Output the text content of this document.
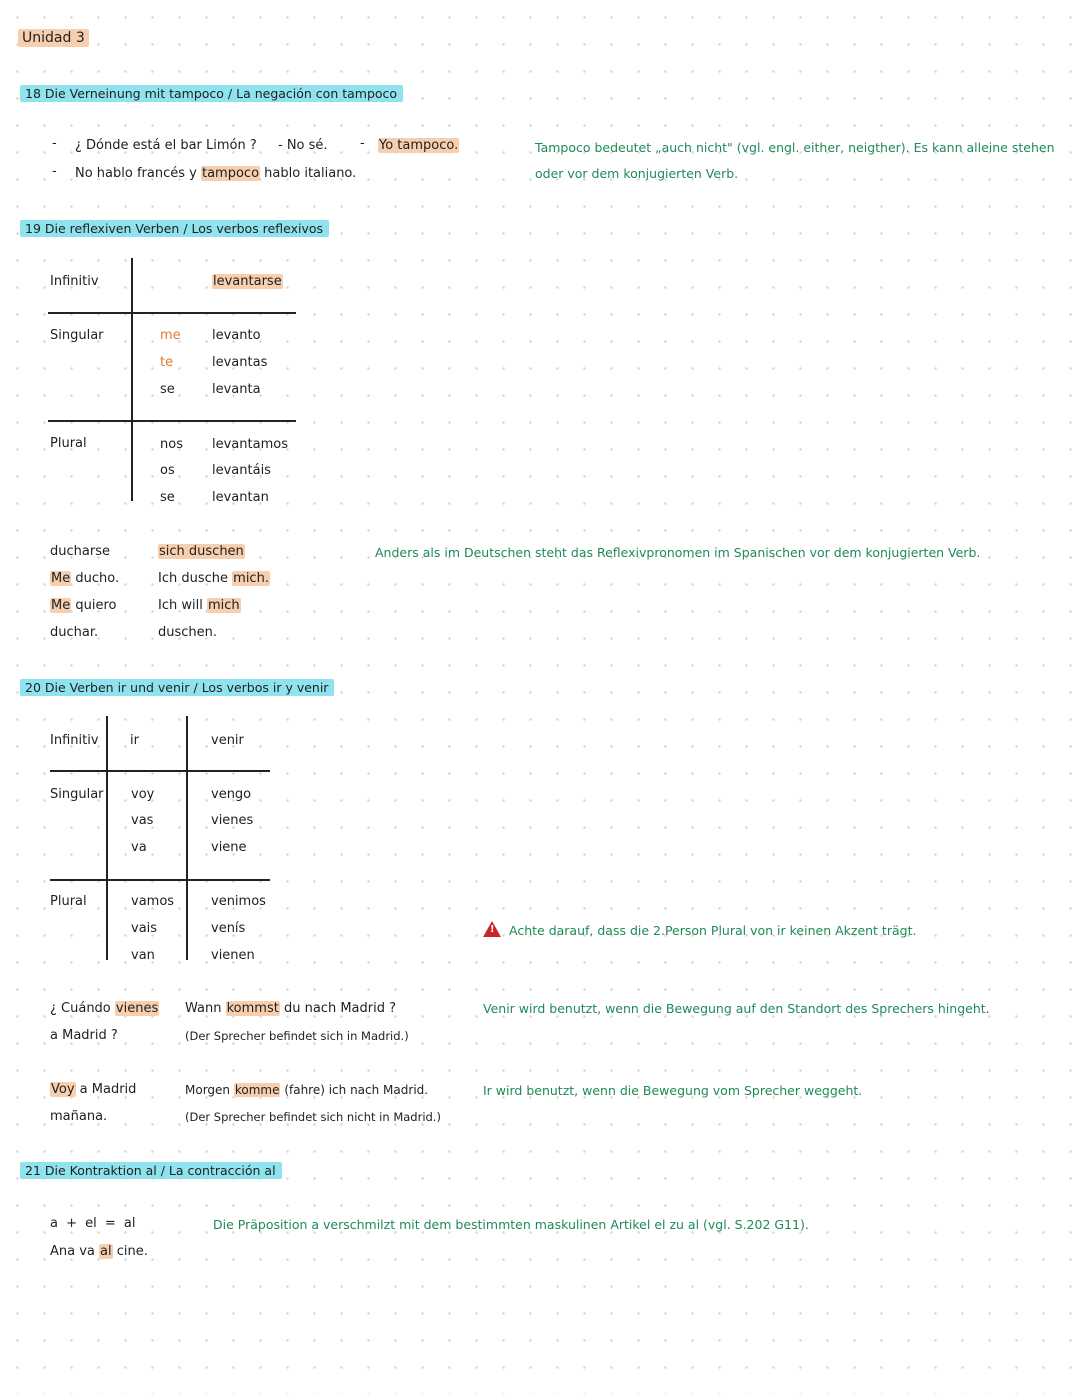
Unidad 3
18 Die Verneinung mit tampoco / La negación con tampoco
- ¿ Dónde está el bar Limón ? - No sé. - Yo tampoco.
- No hablo francés y tampoco hablo italiano.
Tampoco bedeutet „auch nicht" (vgl. engl. either, neigther). Es kann alleine stehen
oder vor dem konjugierten Verb.
19 Die reflexiven Verben / Los verbos reflexivos
Infinitiv	levantarse
Singular
Plural
me
te
se
nos
os
se
levanto
levantas
levanta
levantamos
levantáis
levantan
ducharse
Me ducho.
Me quiero
duchar.
sich duschen
Ich dusche mich.
Ich will mich
duschen.
Anders als im Deutschen steht das Reflexivpronomen im Spanischen vor dem konjugierten Verb.
20 Die Verben ir und venir / Los verbos ir y venir
Infinitiv ir	venir
Singular
Plural
voy
vas
va
vamos
vais
van
vengo
vienes
viene
venimos
venís
vienen
!Achte darauf, dass die 2.Person Plural von ir keinen Akzent trägt.
¿ Cuándo vienes
a Madrid ?
Wann kommst du nach Madrid ?
(Der Sprecher befindet sich in Madrid.)
Venir wird benutzt, wenn die Bewegung auf den Standort des Sprechers hingeht.
Voy a Madrid
mañana.
Morgen komme (fahre) ich nach Madrid.
(Der Sprecher befindet sich nicht in Madrid.)
Ir wird benutzt, wenn die Bewegung vom Sprecher weggeht.
21 Die Kontraktion al / La contracción al
a + el = al
Ana va al cine.
Die Präposition a verschmilzt mit dem bestimmten maskulinen Artikel el zu al (vgl. S.202 G11).
